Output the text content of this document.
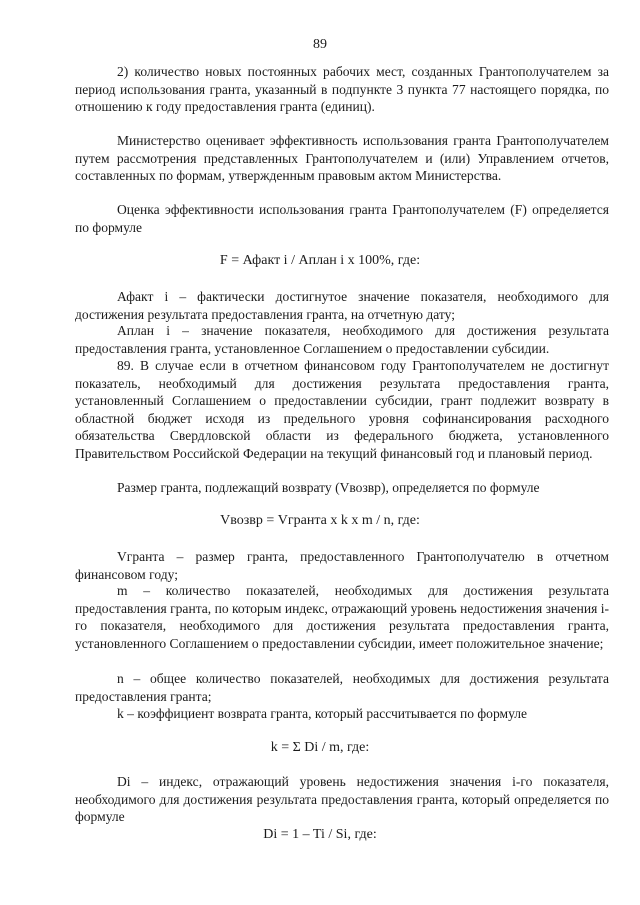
89
2) количество новых постоянных рабочих мест, созданных Грантополучателем за период использования гранта, указанный в подпункте 3 пункта 77 настоящего порядка, по отношению к году предоставления гранта (единиц).
Министерство оценивает эффективность использования гранта Грантополучателем путем рассмотрения представленных Грантополучателем и (или) Управлением отчетов, составленных по формам, утвержденным правовым актом Министерства.
Оценка эффективности использования гранта Грантополучателем (F) определяется по формуле
F = Афакт i / Аплан i x 100%, где:
Афакт i – фактически достигнутое значение показателя, необходимого для достижения результата предоставления гранта, на отчетную дату;
Аплан i – значение показателя, необходимого для достижения результата предоставления гранта, установленное Соглашением о предоставлении субсидии.
89. В случае если в отчетном финансовом году Грантополучателем не достигнут показатель, необходимый для достижения результата предоставления гранта, установленный Соглашением о предоставлении субсидии, грант подлежит возврату в областной бюджет исходя из предельного уровня софинансирования расходного обязательства Свердловской области из федерального бюджета, установленного Правительством Российской Федерации на текущий финансовый год и плановый период.
Размер гранта, подлежащий возврату (Vвозвр), определяется по формуле
Vвозвр = Vгранта x k x m / n, где:
Vгранта – размер гранта, предоставленного Грантополучателю в отчетном финансовом году;
m – количество показателей, необходимых для достижения результата предоставления гранта, по которым индекс, отражающий уровень недостижения значения i-го показателя, необходимого для достижения результата предоставления гранта, установленного Соглашением о предоставлении субсидии, имеет положительное значение;
n – общее количество показателей, необходимых для достижения результата предоставления гранта;
k – коэффициент возврата гранта, который рассчитывается по формуле
k = Σ Di / m, где:
Di – индекс, отражающий уровень недостижения значения i-го показателя, необходимого для достижения результата предоставления гранта, который определяется по формуле
Di = 1 – Ti / Si, где:
